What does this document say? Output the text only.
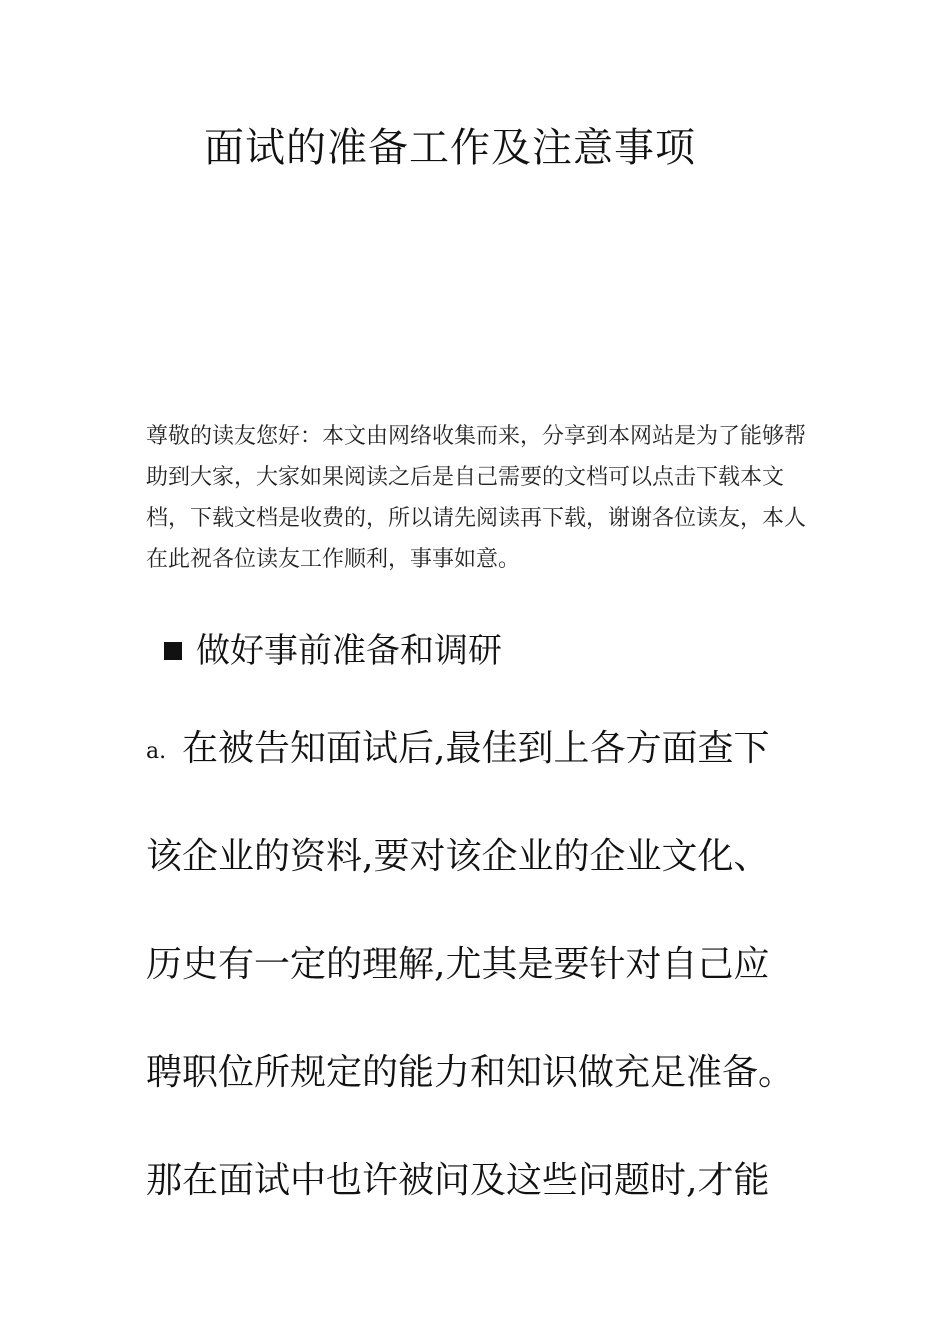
面试的准备工作及注意事项

尊敬的读友您好：本文由网络收集而来，分享到本网站是为了能够帮助到大家，大家如果阅读之后是自己需要的文档可以点击下载本文档，下载文档是收费的，所以请先阅读再下载，谢谢各位读友，本人在此祝各位读友工作顺利，事事如意。

做好事前准备和调研

a. 在被告知面试后,最佳到上各方面查下

该企业的资料,要对该企业的企业文化、

历史有一定的理解,尤其是要针对自己应

聘职位所规定的能力和知识做充足准备。

那在面试中也许被问及这些问题时,才能
